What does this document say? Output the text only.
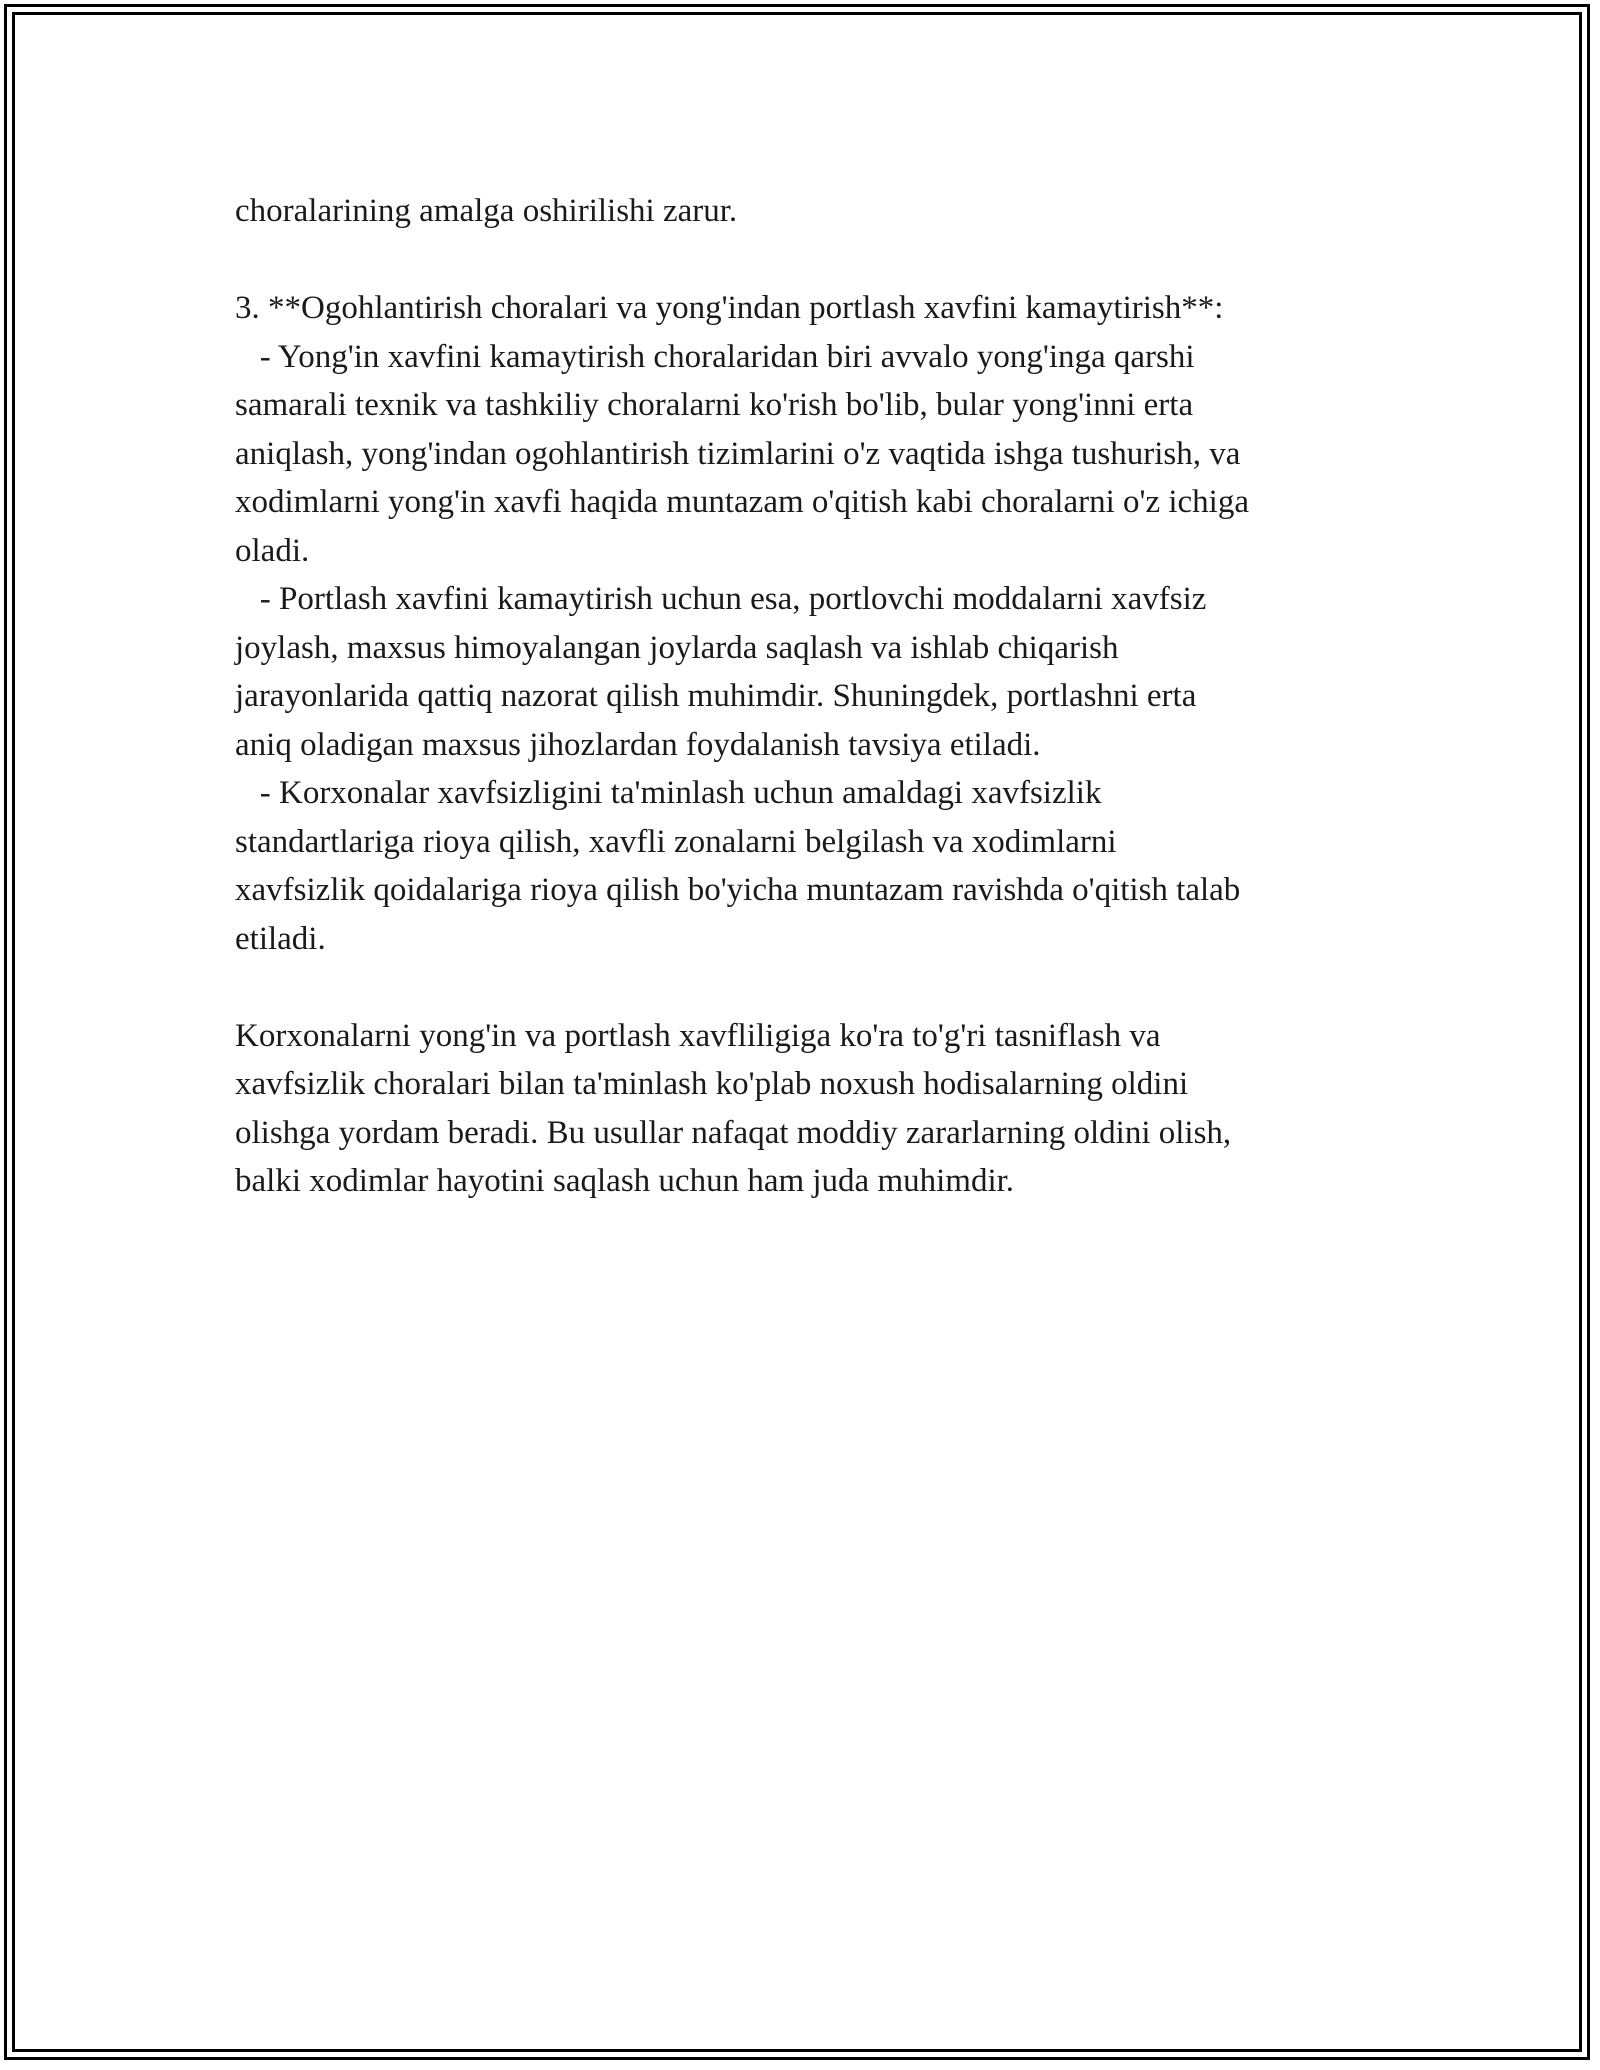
choralarining amalga oshirilishi zarur.

3. **Ogohlantirish choralari va yong'indan portlash xavfini kamaytirish**:

- Yong'in xavfini kamaytirish choralaridan biri avvalo yong'inga qarshi

samarali texnik va tashkiliy choralarni ko'rish bo'lib, bular yong'inni erta

aniqlash, yong'indan ogohlantirish tizimlarini o'z vaqtida ishga tushurish, va

xodimlarni yong'in xavfi haqida muntazam o'qitish kabi choralarni o'z ichiga

oladi.

- Portlash xavfini kamaytirish uchun esa, portlovchi moddalarni xavfsiz

joylash, maxsus himoyalangan joylarda saqlash va ishlab chiqarish

jarayonlarida qattiq nazorat qilish muhimdir. Shuningdek, portlashni erta

aniq oladigan maxsus jihozlardan foydalanish tavsiya etiladi.

- Korxonalar xavfsizligini ta'minlash uchun amaldagi xavfsizlik

standartlariga rioya qilish, xavfli zonalarni belgilash va xodimlarni

xavfsizlik qoidalariga rioya qilish bo'yicha muntazam ravishda o'qitish talab

etiladi.

Korxonalarni yong'in va portlash xavfliligiga ko'ra to'g'ri tasniflash va

xavfsizlik choralari bilan ta'minlash ko'plab noxush hodisalarning oldini

olishga yordam beradi. Bu usullar nafaqat moddiy zararlarning oldini olish,

balki xodimlar hayotini saqlash uchun ham juda muhimdir.
